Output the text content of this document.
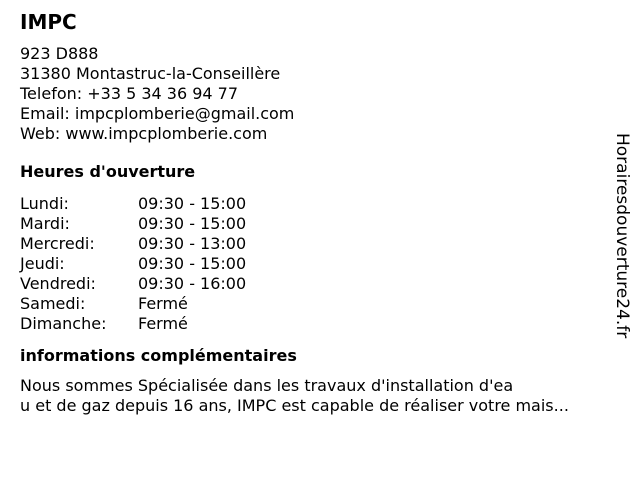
IMPC
923 D888
31380 Montastruc-la-Conseillère
Telefon: +33 5 34 36 94 77
Email: impcplomberie@gmail.com
Web: www.impcplomberie.com
Heures d'ouverture
Lundi:	09:30 - 15:00
Mardi:	09:30 - 15:00
Mercredi:	09:30 - 13:00
Jeudi:	09:30 - 15:00
Vendredi:	09:30 - 16:00
Samedi:	Fermé
Dimanche:	Fermé
informations complémentaires
Nous sommes Spécialisée dans les travaux d'installation d'ea
u et de gaz depuis 16 ans, IMPC est capable de réaliser votre mais...
Horairesdouverture24.fr
